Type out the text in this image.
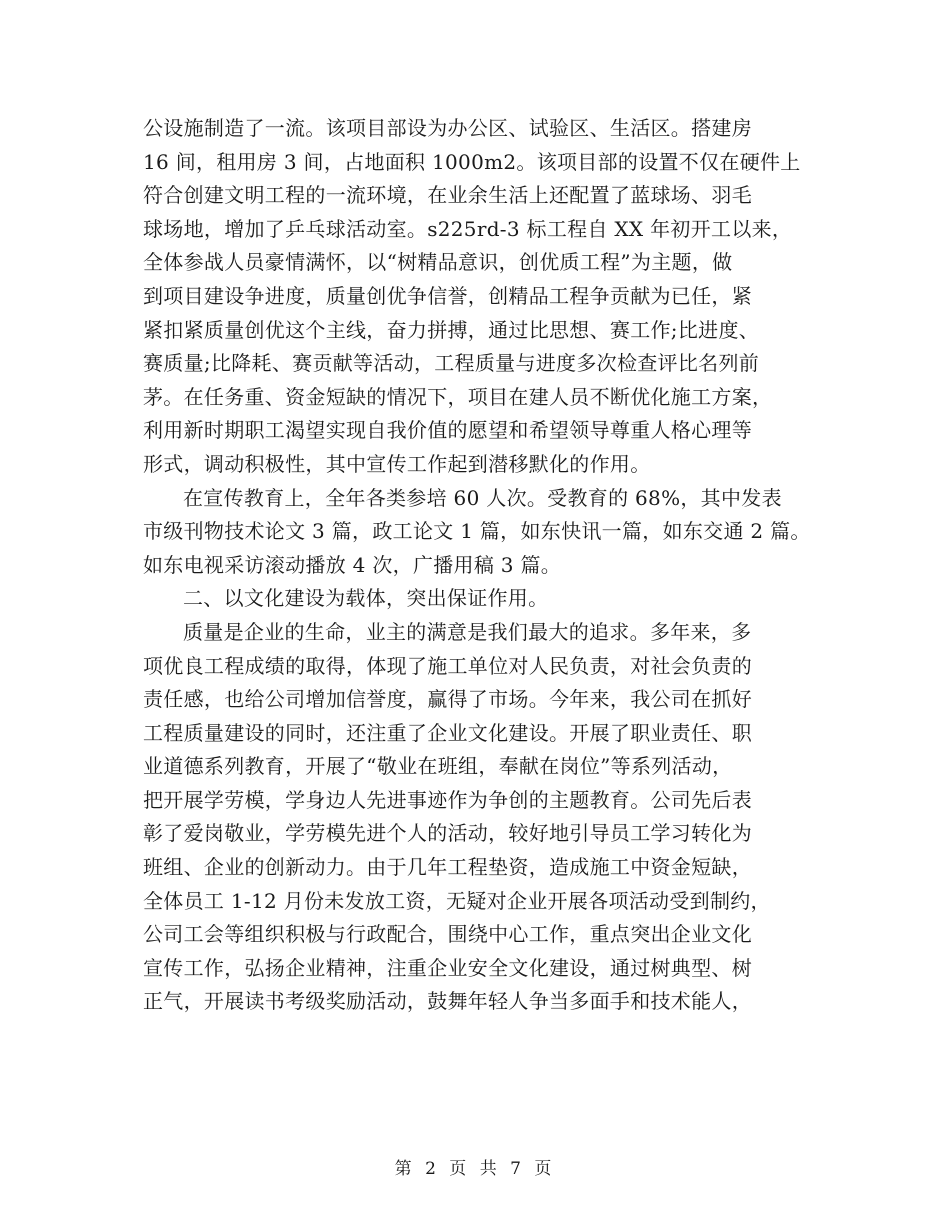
公设施制造了一流。该项目部设为办公区、试验区、生活区。搭建房
16 间，租用房 3 间，占地面积 1000m2。该项目部的设置不仅在硬件上
符合创建文明工程的一流环境，在业余生活上还配置了蓝球场、羽毛
球场地，增加了乒乓球活动室。s225rd-3 标工程自 XX 年初开工以来，
全体参战人员豪情满怀，以“树精品意识，创优质工程”为主题，做
到项目建设争进度，质量创优争信誉，创精品工程争贡献为已任，紧
紧扣紧质量创优这个主线，奋力拼搏，通过比思想、赛工作;比进度、
赛质量;比降耗、赛贡献等活动，工程质量与进度多次检查评比名列前
茅。在任务重、资金短缺的情况下，项目在建人员不断优化施工方案，
利用新时期职工渴望实现自我价值的愿望和希望领导尊重人格心理等
形式，调动积极性，其中宣传工作起到潜移默化的作用。
在宣传教育上，全年各类参培 60 人次。受教育的 68%，其中发表
市级刊物技术论文 3 篇，政工论文 1 篇，如东快讯一篇，如东交通 2 篇。
如东电视采访滚动播放 4 次，广播用稿 3 篇。
二、以文化建设为载体，突出保证作用。
质量是企业的生命，业主的满意是我们最大的追求。多年来，多
项优良工程成绩的取得，体现了施工单位对人民负责，对社会负责的
责任感，也给公司增加信誉度，赢得了市场。今年来，我公司在抓好
工程质量建设的同时，还注重了企业文化建设。开展了职业责任、职
业道德系列教育，开展了“敬业在班组，奉献在岗位”等系列活动，
把开展学劳模，学身边人先进事迹作为争创的主题教育。公司先后表
彰了爱岗敬业，学劳模先进个人的活动，较好地引导员工学习转化为
班组、企业的创新动力。由于几年工程垫资，造成施工中资金短缺，
全体员工 1-12 月份未发放工资，无疑对企业开展各项活动受到制约，
公司工会等组织积极与行政配合，围绕中心工作，重点突出企业文化
宣传工作，弘扬企业精神，注重企业安全文化建设，通过树典型、树
正气，开展读书考级奖励活动，鼓舞年轻人争当多面手和技术能人，
第 2 页 共 7 页
